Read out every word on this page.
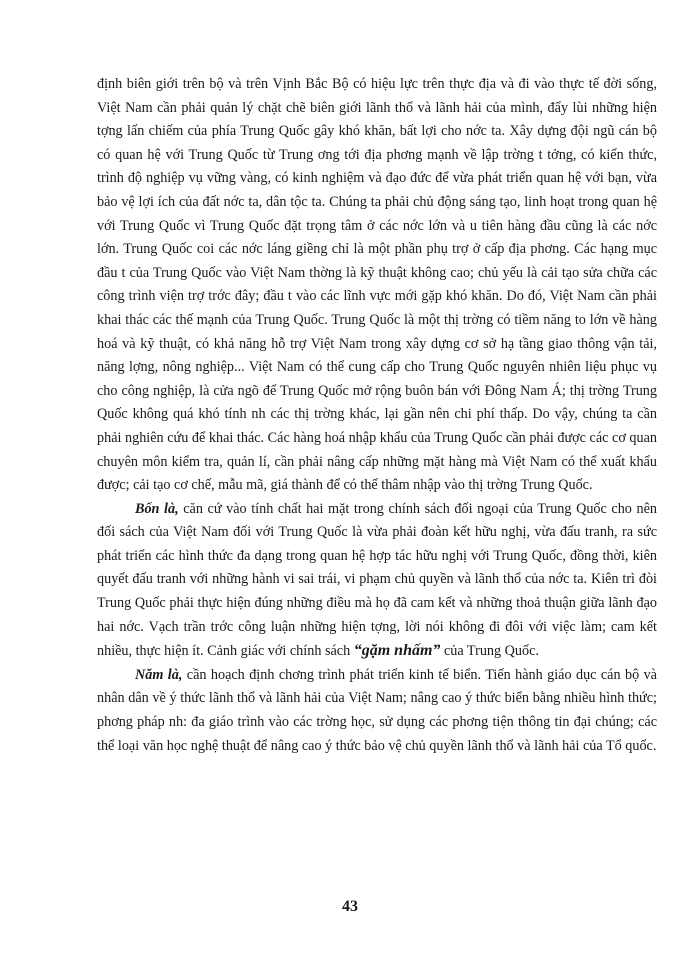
định biên giới trên bộ và trên Vịnh Bắc Bộ có hiệu lực trên thực địa và đi vào thực tế đời sống, Việt Nam cần phải quản lý chặt chẽ biên giới lãnh thổ và lãnh hải của mình, đẩy lùi những hiện tợng lấn chiếm của phía Trung Quốc gây khó khăn, bất lợi cho nớc ta. Xây dựng đội ngũ cán bộ có quan hệ với Trung Quốc từ Trung ơng tới địa phơng mạnh về lập trờng t tởng, có kiến thức, trình độ nghiệp vụ vững vàng, có kinh nghiệm và đạo đức để vừa phát triển quan hệ với bạn, vừa bảo vệ lợi ích của đất nớc ta, dân tộc ta. Chúng ta phải chủ động sáng tạo, linh hoạt trong quan hệ với Trung Quốc vì Trung Quốc đặt trọng tâm ở các nớc lớn và u tiên hàng đầu cũng là các nớc lớn. Trung Quốc coi các nớc láng giềng chỉ là một phần phụ trợ ở cấp địa phơng. Các hạng mục đầu t của Trung Quốc vào Việt Nam thờng là kỹ thuật không cao; chủ yếu là cải tạo sửa chữa các công trình viện trợ trớc đây; đầu t vào các lĩnh vực mới gặp khó khăn. Do đó, Việt Nam cần phải khai thác các thế mạnh của Trung Quốc. Trung Quốc là một thị trờng có tiềm năng to lớn về hàng hoá và kỹ thuật, có khả năng hỗ trợ Việt Nam trong xây dựng cơ sở hạ tầng giao thông vận tải, năng lợng, nông nghiệp... Việt Nam có thể cung cấp cho Trung Quốc nguyên nhiên liệu phục vụ cho công nghiệp, là cửa ngõ để Trung Quốc mở rộng buôn bán với Đông Nam Á; thị trờng Trung Quốc không quá khó tính nh các thị trờng khác, lại gần nên chi phí thấp. Do vậy, chúng ta cần phải nghiên cứu để khai thác. Các hàng hoá nhập khẩu của Trung Quốc cần phải được các cơ quan chuyên môn kiểm tra, quản lí, cần phải nâng cấp những mặt hàng mà Việt Nam có thể xuất khẩu được; cải tạo cơ chế, mẫu mã, giá thành để có thể thâm nhập vào thị trờng Trung Quốc.

Bốn là, căn cứ vào tính chất hai mặt trong chính sách đối ngoại của Trung Quốc cho nên đối sách của Việt Nam đối với Trung Quốc là vừa phải đoàn kết hữu nghị, vừa đấu tranh, ra sức phát triển các hình thức đa dạng trong quan hệ hợp tác hữu nghị với Trung Quốc, đồng thời, kiên quyết đấu tranh với những hành vi sai trái, vi phạm chủ quyền và lãnh thổ của nớc ta. Kiên trì đòi Trung Quốc phải thực hiện đúng những điều mà họ đã cam kết và những thoả thuận giữa lãnh đạo hai nớc. Vạch trần trớc công luận những hiện tợng, lời nói không đi đôi với việc làm; cam kết nhiều, thực hiện ít. Cảnh giác với chính sách “gặm nhấm” của Trung Quốc.

Năm là, cần hoạch định chơng trình phát triển kinh tế biển. Tiến hành giáo dục cán bộ và nhân dân về ý thức lãnh thổ và lãnh hải của Việt Nam; nâng cao ý thức biển bằng nhiều hình thức; phơng pháp nh: đa giáo trình vào các trờng học, sử dụng các phơng tiện thông tin đại chúng; các thể loại văn học nghệ thuật để nâng cao ý thức bảo vệ chủ quyền lãnh thổ và lãnh hải của Tổ quốc.

43
